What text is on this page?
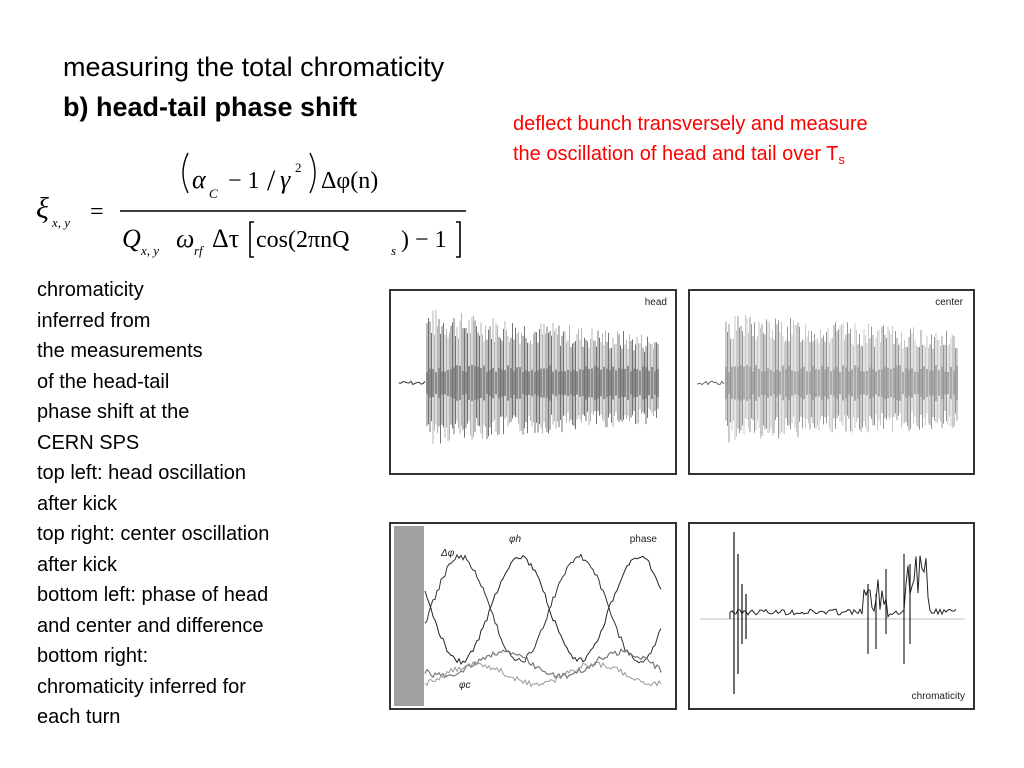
measuring the total chromaticity
b) head-tail phase shift
deflect bunch transversely and measure
the oscillation of head and tail over $T_s$
ξ x, y =
α C − 1 / γ 2
Δφ(n)
Q x, y ω rf Δτ cos(2πnQ	s ) − 1
chromaticity
inferred from
the measurements
of the head-tail
phase shift at the
CERN SPS
top left: head oscillation
after kick
top right: center oscillation
after kick
bottom left: phase of head
and center and difference
bottom right:
chromaticity inferred for
each turn
head	center
phase
Δφ
φh
φc
chromaticity
